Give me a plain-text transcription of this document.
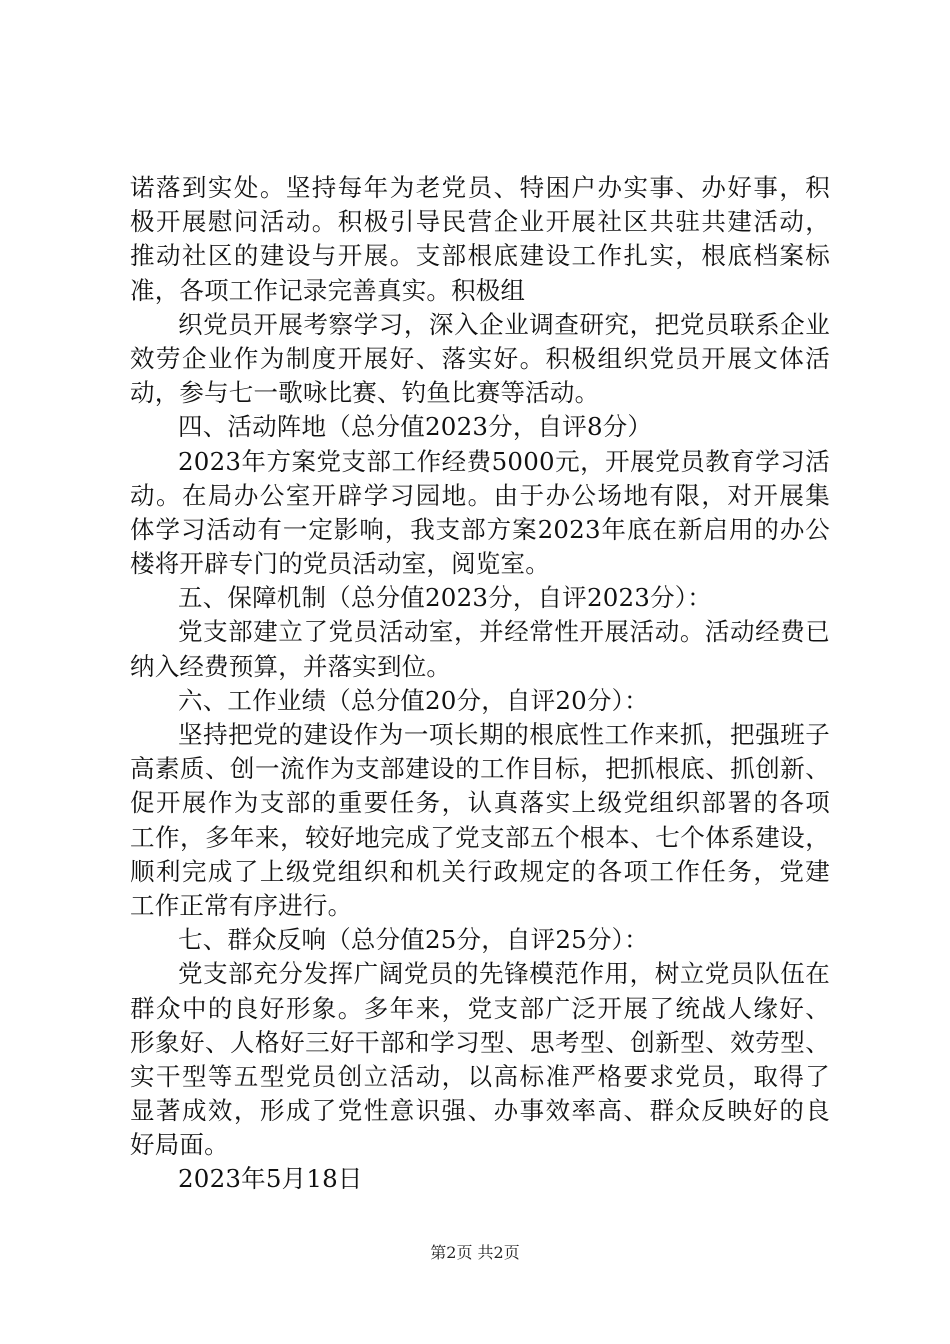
诺落到实处。坚持每年为老党员、特困户办实事、办好事，积
极开展慰问活动。积极引导民营企业开展社区共驻共建活动，
推动社区的建设与开展。支部根底建设工作扎实，根底档案标
准，各项工作记录完善真实。积极组
织党员开展考察学习，深入企业调查研究，把党员联系企业
效劳企业作为制度开展好、落实好。积极组织党员开展文体活
动，参与七一歌咏比赛、钓鱼比赛等活动。
四、活动阵地（总分值2023分，自评8分）
2023年方案党支部工作经费5000元，开展党员教育学习活
动。在局办公室开辟学习园地。由于办公场地有限，对开展集
体学习活动有一定影响，我支部方案2023年底在新启用的办公
楼将开辟专门的党员活动室，阅览室。
五、保障机制（总分值2023分，自评2023分）：
党支部建立了党员活动室，并经常性开展活动。活动经费已
纳入经费预算，并落实到位。
六、工作业绩（总分值20分，自评20分）：
坚持把党的建设作为一项长期的根底性工作来抓，把强班子
高素质、创一流作为支部建设的工作目标，把抓根底、抓创新、
促开展作为支部的重要任务，认真落实上级党组织部署的各项
工作，多年来，较好地完成了党支部五个根本、七个体系建设，
顺利完成了上级党组织和机关行政规定的各项工作任务，党建
工作正常有序进行。
七、群众反响（总分值25分，自评25分）：
党支部充分发挥广阔党员的先锋模范作用，树立党员队伍在
群众中的良好形象。多年来，党支部广泛开展了统战人缘好、
形象好、人格好三好干部和学习型、思考型、创新型、效劳型、
实干型等五型党员创立活动，以高标准严格要求党员，取得了
显著成效，形成了党性意识强、办事效率高、群众反映好的良
好局面。
2023年5月18日
第2页 共2页
